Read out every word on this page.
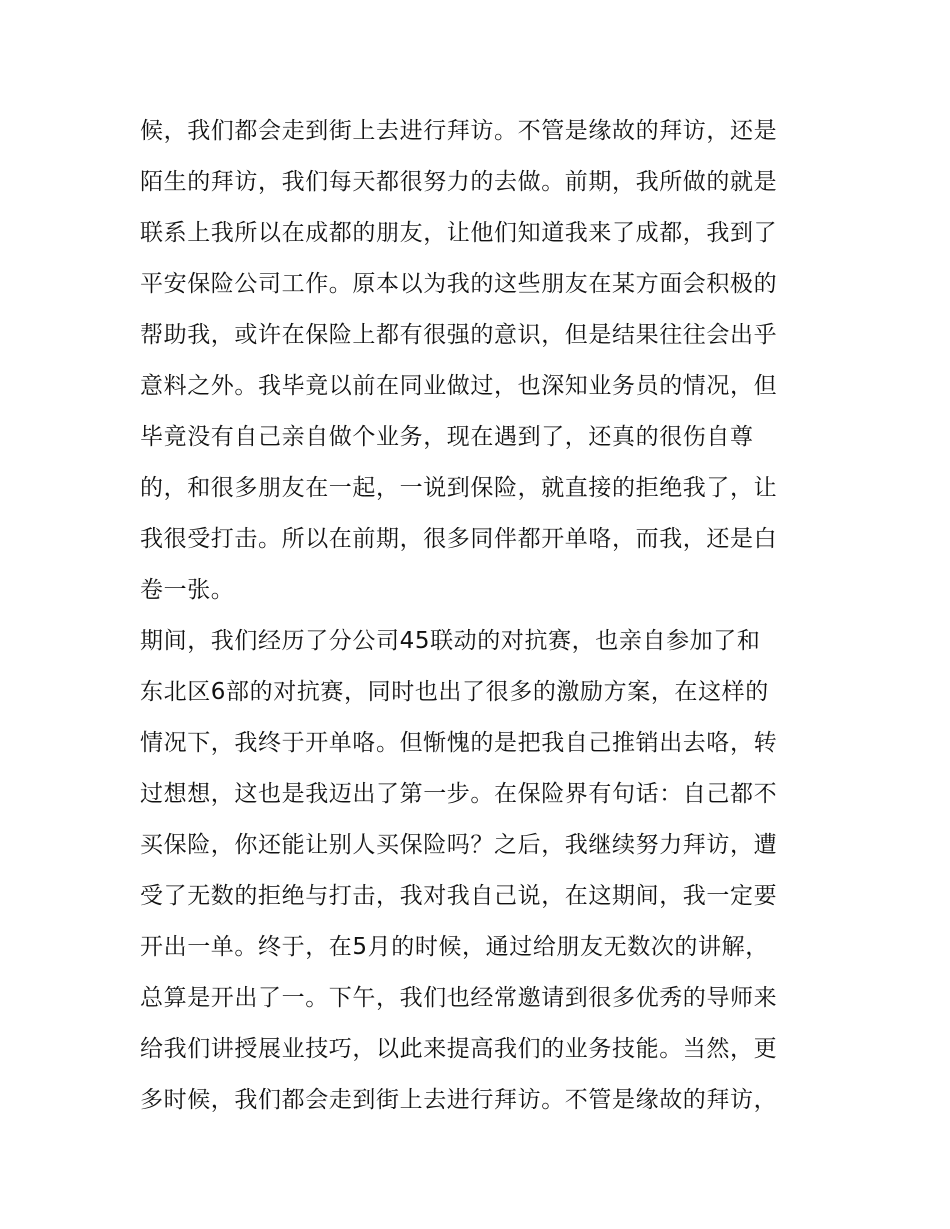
候，我们都会走到街上去进行拜访。不管是缘故的拜访，还是
陌生的拜访，我们每天都很努力的去做。前期，我所做的就是
联系上我所以在成都的朋友，让他们知道我来了成都，我到了
平安保险公司工作。原本以为我的这些朋友在某方面会积极的
帮助我，或许在保险上都有很强的意识，但是结果往往会出乎
意料之外。我毕竟以前在同业做过，也深知业务员的情况，但
毕竟没有自己亲自做个业务，现在遇到了，还真的很伤自尊
的，和很多朋友在一起，一说到保险，就直接的拒绝我了，让
我很受打击。所以在前期，很多同伴都开单咯，而我，还是白
卷一张。
期间，我们经历了分公司45联动的对抗赛，也亲自参加了和
东北区6部的对抗赛，同时也出了很多的激励方案，在这样的
情况下，我终于开单咯。但惭愧的是把我自己推销出去咯，转
过想想，这也是我迈出了第一步。在保险界有句话：自己都不
买保险，你还能让别人买保险吗？之后，我继续努力拜访，遭
受了无数的拒绝与打击，我对我自己说，在这期间，我一定要
开出一单。终于，在5月的时候，通过给朋友无数次的讲解，
总算是开出了一。下午，我们也经常邀请到很多优秀的导师来
给我们讲授展业技巧，以此来提高我们的业务技能。当然，更
多时候，我们都会走到街上去进行拜访。不管是缘故的拜访，
